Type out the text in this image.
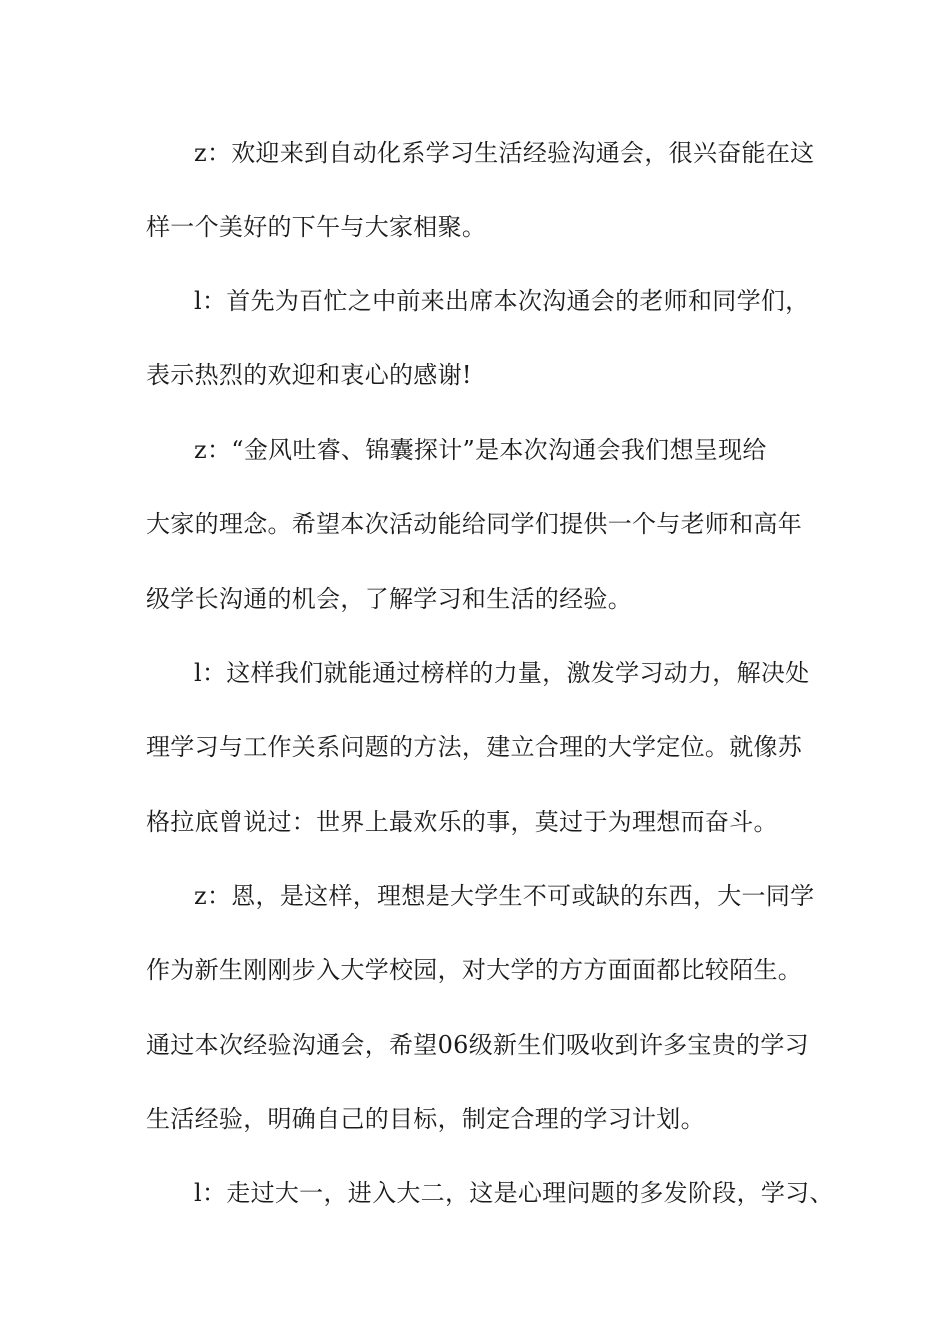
z：欢迎来到自动化系学习生活经验沟通会，很兴奋能在这
样一个美好的下午与大家相聚。

l：首先为百忙之中前来出席本次沟通会的老师和同学们，
表示热烈的欢迎和衷心的感谢!

z：“金风吐睿、锦囊探计”是本次沟通会我们想呈现给
大家的理念。希望本次活动能给同学们提供一个与老师和高年
级学长沟通的机会，了解学习和生活的经验。

l：这样我们就能通过榜样的力量，激发学习动力，解决处
理学习与工作关系问题的方法，建立合理的大学定位。就像苏
格拉底曾说过：世界上最欢乐的事，莫过于为理想而奋斗。

z：恩，是这样，理想是大学生不可或缺的东西，大一同学
作为新生刚刚步入大学校园，对大学的方方面面都比较陌生。
通过本次经验沟通会，希望06级新生们吸收到许多宝贵的学习
生活经验，明确自己的目标，制定合理的学习计划。

l：走过大一，进入大二，这是心理问题的多发阶段，学习、
